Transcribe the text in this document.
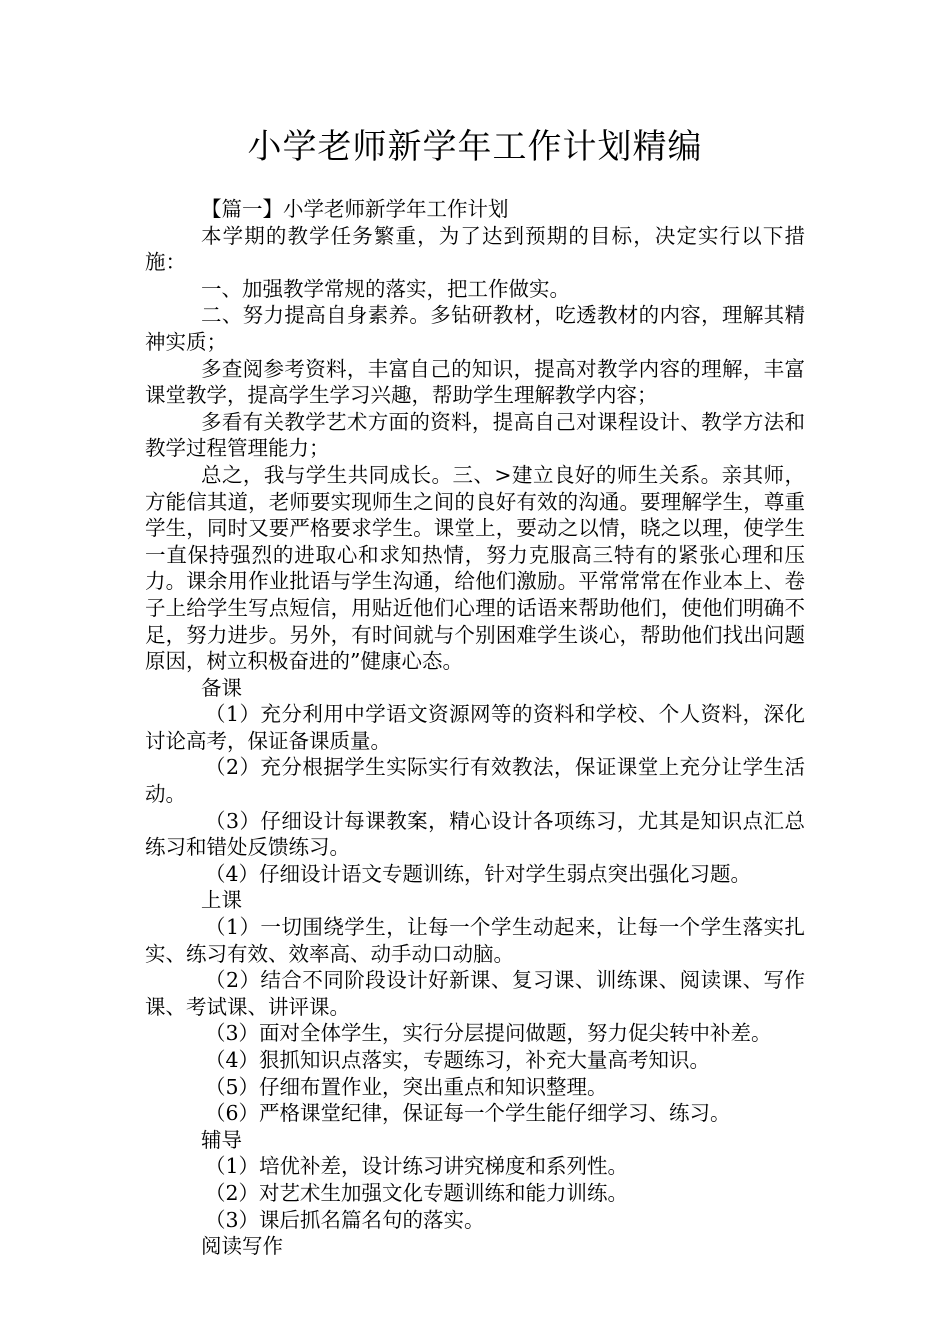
小学老师新学年工作计划精编

【篇一】小学老师新学年工作计划

本学期的教学任务繁重，为了达到预期的目标，决定实行以下措施：

一、加强教学常规的落实，把工作做实。

二、努力提高自身素养。多钻研教材，吃透教材的内容，理解其精神实质；

多查阅参考资料，丰富自己的知识，提高对教学内容的理解，丰富课堂教学，提高学生学习兴趣，帮助学生理解教学内容；

多看有关教学艺术方面的资料，提高自己对课程设计、教学方法和教学过程管理能力；

总之，我与学生共同成长。三、>建立良好的师生关系。亲其师，方能信其道，老师要实现师生之间的良好有效的沟通。要理解学生，尊重学生，同时又要严格要求学生。课堂上，要动之以情，晓之以理，使学生一直保持强烈的进取心和求知热情，努力克服高三特有的紧张心理和压力。课余用作业批语与学生沟通，给他们激励。平常常常在作业本上、卷子上给学生写点短信，用贴近他们心理的话语来帮助他们，使他们明确不足，努力进步。另外，有时间就与个别困难学生谈心，帮助他们找出问题原因，树立积极奋进的”健康心态。

备课

（1）充分利用中学语文资源网等的资料和学校、个人资料，深化讨论高考，保证备课质量。

（2）充分根据学生实际实行有效教法，保证课堂上充分让学生活动。

（3）仔细设计每课教案，精心设计各项练习，尤其是知识点汇总练习和错处反馈练习。

（4）仔细设计语文专题训练，针对学生弱点突出强化习题。

上课

（1）一切围绕学生，让每一个学生动起来，让每一个学生落实扎实、练习有效、效率高、动手动口动脑。

（2）结合不同阶段设计好新课、复习课、训练课、阅读课、写作课、考试课、讲评课。

（3）面对全体学生，实行分层提问做题，努力促尖转中补差。

（4）狠抓知识点落实，专题练习，补充大量高考知识。

（5）仔细布置作业，突出重点和知识整理。

（6）严格课堂纪律，保证每一个学生能仔细学习、练习。

辅导

（1）培优补差，设计练习讲究梯度和系列性。

（2）对艺术生加强文化专题训练和能力训练。

（3）课后抓名篇名句的落实。

阅读写作
